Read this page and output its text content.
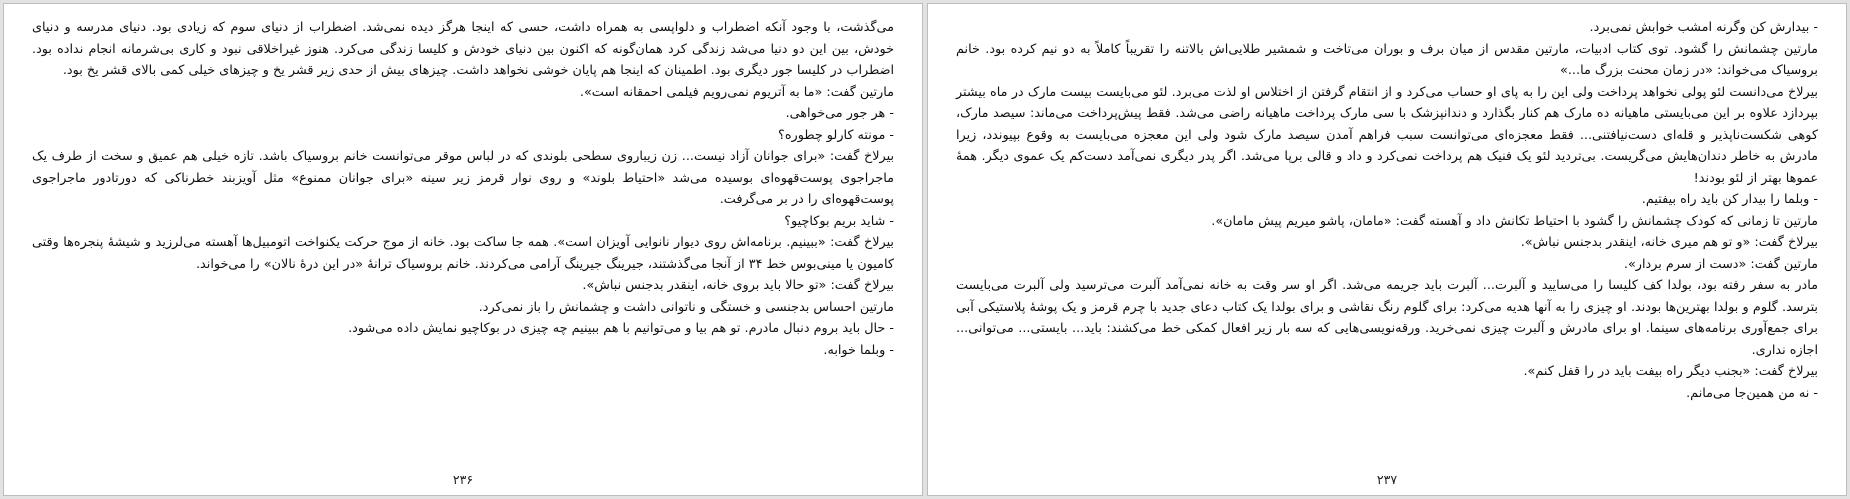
می‌گذشت، با وجود آنکه اضطراب و دلواپسی به همراه داشت، حسی که اینجا هرگز دیده نمی‌شد. اضطراب از دنیای سوم که زیادی بود. دنیای مدرسه و دنیای خودش، بین این دو دنیا می‌شد زندگی کرد همان‌گونه که اکنون بین دنیای خودش و کلیسا زندگی می‌کرد. هنوز غیراخلاقی نبود و کاری بی‌شرمانه انجام نداده بود. اضطراب در کلیسا جور دیگری بود. اطمینان که اینجا هم پایان خوشی نخواهد داشت. چیزهای بیش از حدی زیر قشر یخ و چیزهای خیلی کمی بالای قشر یخ بود.

مارتین گفت: «ما به آتریوم نمی‌رویم فیلمی احمقانه است».

- هر جور می‌خواهی.

- مونته کارلو چطوره؟

بیرلاخ گفت: «برای جوانان آزاد نیست... زن زیباروی سطحی بلوندی که در لباس موقر می‌توانست خانم بروسیاک باشد. تازه خیلی هم عمیق و سخت از طرف یک ماجراجوی پوست‌قهوه‌ای بوسیده می‌شد «احتیاط بلوند» و روی نوار قرمز زیر سینه «برای جوانان ممنوع» مثل آویزبند خطرناکی که دورتادور ماجراجوی پوست‌قهوه‌ای را در بر می‌گرفت.

- شاید بریم بوکاچیو؟

بیرلاخ گفت: «ببینیم. برنامه‌اش روی دیوار نانوایی آویزان است». همه جا ساکت بود. خانه از موج حرکت یکنواخت اتومبیل‌ها آهسته می‌لرزید و شیشهٔ پنجره‌ها وقتی کامیون یا مینی‌بوس خط ۳۴ از آنجا می‌گذشتند، جیرینگ جیرینگ آرامی می‌کردند. خانم بروسیاک ترانهٔ «در این درهٔ نالان» را می‌خواند.

بیرلاخ گفت: «تو حالا باید بروی خانه، اینقدر بدجنس نباش».

مارتین احساس بدجنسی و خستگی و ناتوانی داشت و چشمانش را باز نمی‌کرد.

- حال باید بروم دنبال مادرم. تو هم بیا و می‌توانیم با هم ببینیم چه چیزی در بوکاچیو نمایش داده می‌شود.

- وبلما خوابه.

۲۳۶

- بیدارش کن وگرنه امشب خوابش نمی‌برد.

مارتین چشمانش را گشود. توی کتاب ادبیات، مارتین مقدس از میان برف و بوران می‌تاخت و شمشیر طلایی‌اش بالاتنه را تقریباً کاملاً به دو نیم کرده بود. خانم بروسیاک می‌خواند: «در زمان محنت بزرگ ما...»

بیرلاخ می‌دانست لئو پولی نخواهد پرداخت ولی این را به پای او حساب می‌کرد و از انتقام گرفتن از اختلاس او لذت می‌برد. لئو می‌بایست بیست مارک در ماه بیشتر بپردازد علاوه بر این می‌بایستی ماهیانه ده مارک هم کنار بگذارد و دندانپزشک با سی مارک پرداخت ماهیانه راضی می‌شد. فقط پیش‌پرداخت می‌ماند: سیصد مارک، کوهی شکست‌ناپذیر و قله‌ای دست‌نیافتنی... فقط معجزه‌ای می‌توانست سبب فراهم آمدن سیصد مارک شود ولی این معجزه می‌بایست به وقوع بپیوندد، زیرا مادرش به خاطر دندان‌هایش می‌گریست. بی‌تردید لئو یک فنیک هم پرداخت نمی‌کرد و داد و قالی برپا می‌شد. اگر پدر دیگری نمی‌آمد دست‌کم یک عموی دیگر. همهٔ عموها بهتر از لئو بودند!

- وبلما را بیدار کن باید راه بیفتیم.

مارتین تا زمانی که کودک چشمانش را گشود با احتیاط تکانش داد و آهسته گفت: «مامان، پاشو میریم پیش مامان».

بیرلاخ گفت: «و تو هم میری خانه، اینقدر بدجنس نباش».

مارتین گفت: «دست از سرم بردار».

مادر به سفر رفته بود، بولدا کف کلیسا را می‌سایید و آلبرت... آلبرت باید جریمه می‌شد. اگر او سر وقت به خانه نمی‌آمد آلبرت می‌ترسید ولی آلبرت می‌بایست بترسد. گلوم و بولدا بهترین‌ها بودند. او چیزی را به آنها هدیه می‌کرد: برای گلوم رنگ نقاشی و برای بولدا یک کتاب دعای جدید با چرم قرمز و یک پوشهٔ پلاستیکی آبی برای جمع‌آوری برنامه‌های سینما. او برای مادرش و آلبرت چیزی نمی‌خرید. ورقه‌نویسی‌هایی که سه بار زیر افعال کمکی خط می‌کشند: باید... بایستی... می‌توانی... اجازه نداری.

بیرلاخ گفت: «بجنب دیگر راه بیفت باید در را قفل کنم».

- نه من همین‌جا می‌مانم.

۲۳۷
